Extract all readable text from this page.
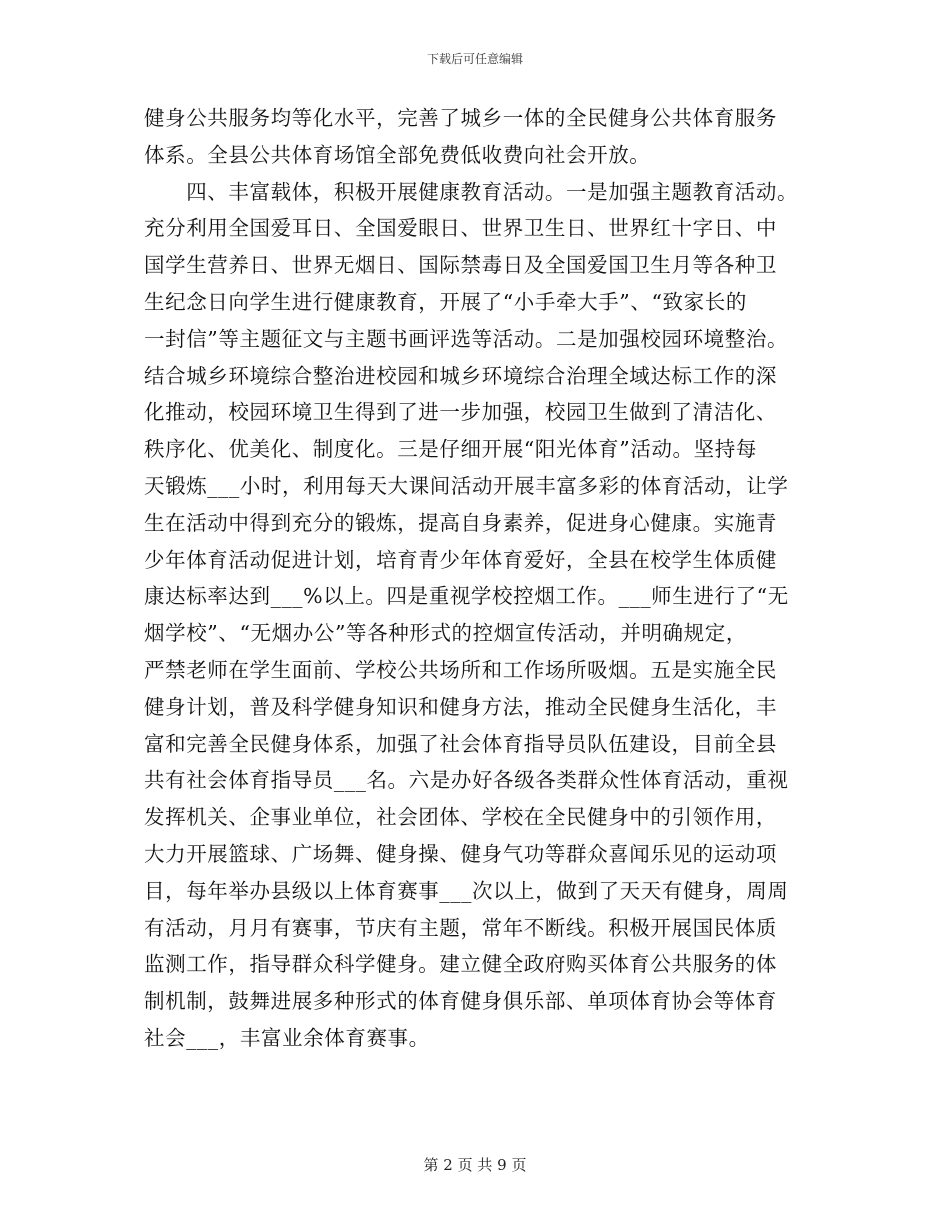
下载后可任意编辑
健身公共服务均等化水平，完善了城乡一体的全民健身公共体育服务
体系。全县公共体育场馆全部免费低收费向社会开放。
　　四、丰富载体，积极开展健康教育活动。一是加强主题教育活动。
充分利用全国爱耳日、全国爱眼日、世界卫生日、世界红十字日、中
国学生营养日、世界无烟日、国际禁毒日及全国爱国卫生月等各种卫
生纪念日向学生进行健康教育，开展了“小手牵大手”、“致家长的
一封信”等主题征文与主题书画评选等活动。二是加强校园环境整治。
结合城乡环境综合整治进校园和城乡环境综合治理全域达标工作的深
化推动，校园环境卫生得到了进一步加强，校园卫生做到了清洁化、
秩序化、优美化、制度化。三是仔细开展“阳光体育”活动。坚持每
天锻炼___小时，利用每天大课间活动开展丰富多彩的体育活动，让学
生在活动中得到充分的锻炼，提高自身素养，促进身心健康。实施青
少年体育活动促进计划，培育青少年体育爱好，全县在校学生体质健
康达标率达到___%以上。四是重视学校控烟工作。___师生进行了“无
烟学校”、“无烟办公”等各种形式的控烟宣传活动，并明确规定，
严禁老师在学生面前、学校公共场所和工作场所吸烟。五是实施全民
健身计划，普及科学健身知识和健身方法，推动全民健身生活化，丰
富和完善全民健身体系，加强了社会体育指导员队伍建设，目前全县
共有社会体育指导员___名。六是办好各级各类群众性体育活动，重视
发挥机关、企事业单位，社会团体、学校在全民健身中的引领作用，
大力开展篮球、广场舞、健身操、健身气功等群众喜闻乐见的运动项
目，每年举办县级以上体育赛事___次以上，做到了天天有健身，周周
有活动，月月有赛事，节庆有主题，常年不断线。积极开展国民体质
监测工作，指导群众科学健身。建立健全政府购买体育公共服务的体
制机制，鼓舞进展多种形式的体育健身俱乐部、单项体育协会等体育
社会___，丰富业余体育赛事。
第 2 页 共 9 页
